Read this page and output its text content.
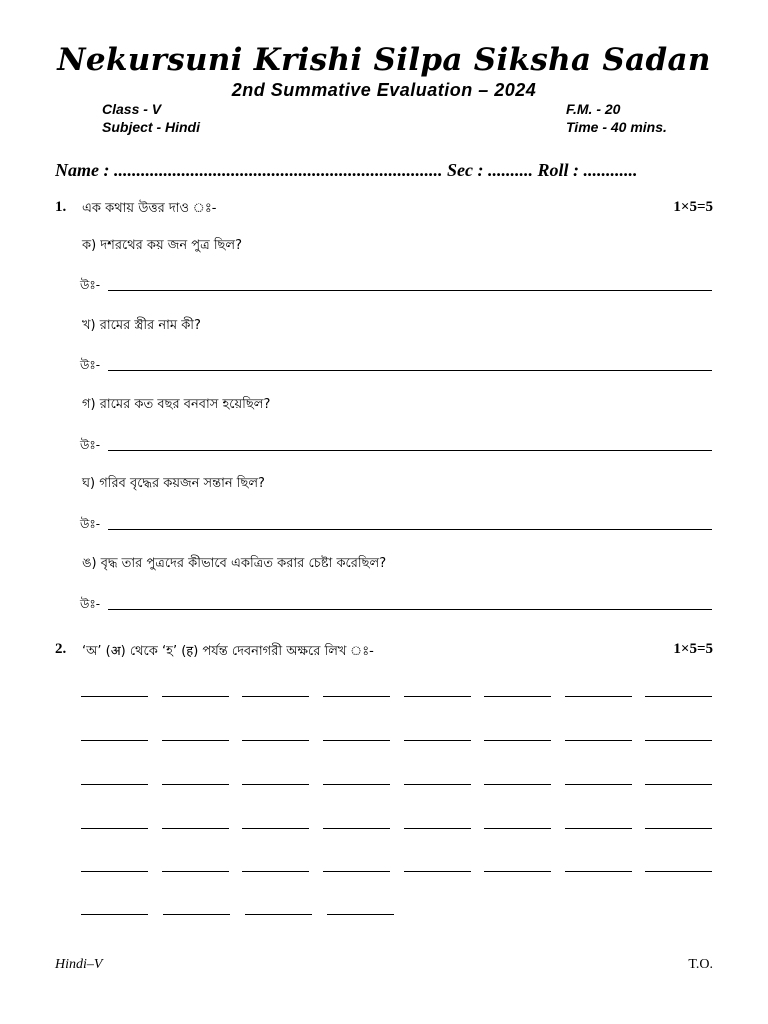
Nekursuni Krishi Silpa Siksha Sadan
2nd Summative Evaluation – 2024
Class - V
Subject - Hindi
F.M. - 20
Time - 40 mins.
Name : ......................................................................... Sec : .......... Roll : ............
1. এক কথায় উত্তর দাও ঃ-	1×5=5
ক) দশরথের কয় জন পুত্র ছিল?
উঃ-
খ) রামের স্ত্রীর নাম কী?
উঃ-
গ) রামের কত বছর বনবাস হয়েছিল?
উঃ-
ঘ) গরিব বৃদ্ধের কয়জন সন্তান ছিল?
উঃ-
ঙ) বৃদ্ধ তার পুত্রদের কীভাবে একত্রিত করার চেষ্টা করেছিল?
উঃ-
2. ‘অ’ (अ) থেকে ‘হ’ (ह) পর্যন্ত দেবনাগরী অক্ষরে লিখ ঃ-	1×5=5
Hindi–V	T.O.
